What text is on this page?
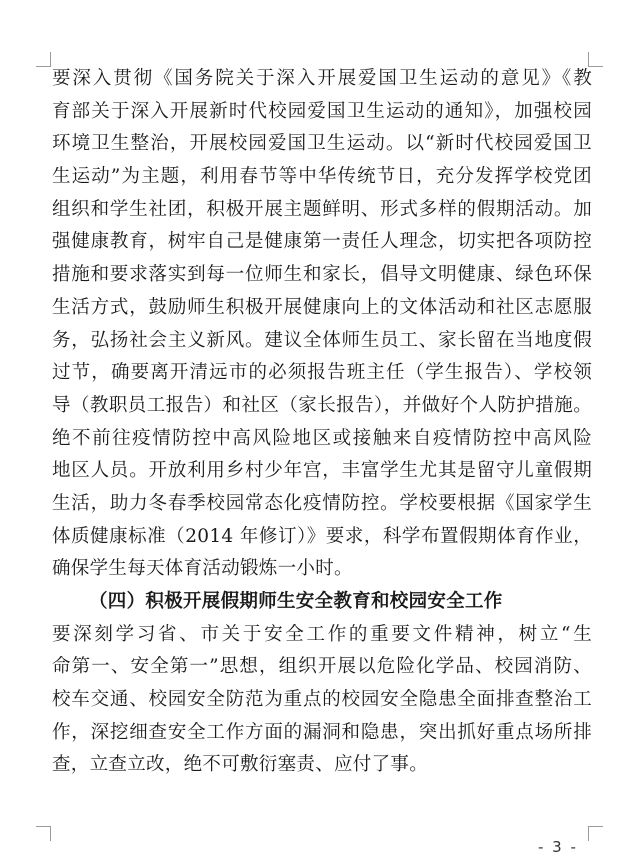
要深入贯彻《国务院关于深入开展爱国卫生运动的意见》《教
育部关于深入开展新时代校园爱国卫生运动的通知》，加强校园
环境卫生整治，开展校园爱国卫生运动。以“新时代校园爱国卫
生运动”为主题，利用春节等中华传统节日，充分发挥学校党团
组织和学生社团，积极开展主题鲜明、形式多样的假期活动。加
强健康教育，树牢自己是健康第一责任人理念，切实把各项防控
措施和要求落实到每一位师生和家长，倡导文明健康、绿色环保
生活方式，鼓励师生积极开展健康向上的文体活动和社区志愿服
务，弘扬社会主义新风。建议全体师生员工、家长留在当地度假
过节，确要离开清远市的必须报告班主任（学生报告）、学校领
导（教职员工报告）和社区（家长报告），并做好个人防护措施。
绝不前往疫情防控中高风险地区或接触来自疫情防控中高风险
地区人员。开放利用乡村少年宫，丰富学生尤其是留守儿童假期
生活，助力冬春季校园常态化疫情防控。学校要根据《国家学生
体质健康标准（2014 年修订）》要求，科学布置假期体育作业，
确保学生每天体育活动锻炼一小时。
（四）积极开展假期师生安全教育和校园安全工作
要深刻学习省、市关于安全工作的重要文件精神，树立“生
命第一、安全第一”思想，组织开展以危险化学品、校园消防、
校车交通、校园安全防范为重点的校园安全隐患全面排查整治工
作，深挖细查安全工作方面的漏洞和隐患，突出抓好重点场所排
查，立查立改，绝不可敷衍塞责、应付了事。
- 3 -
